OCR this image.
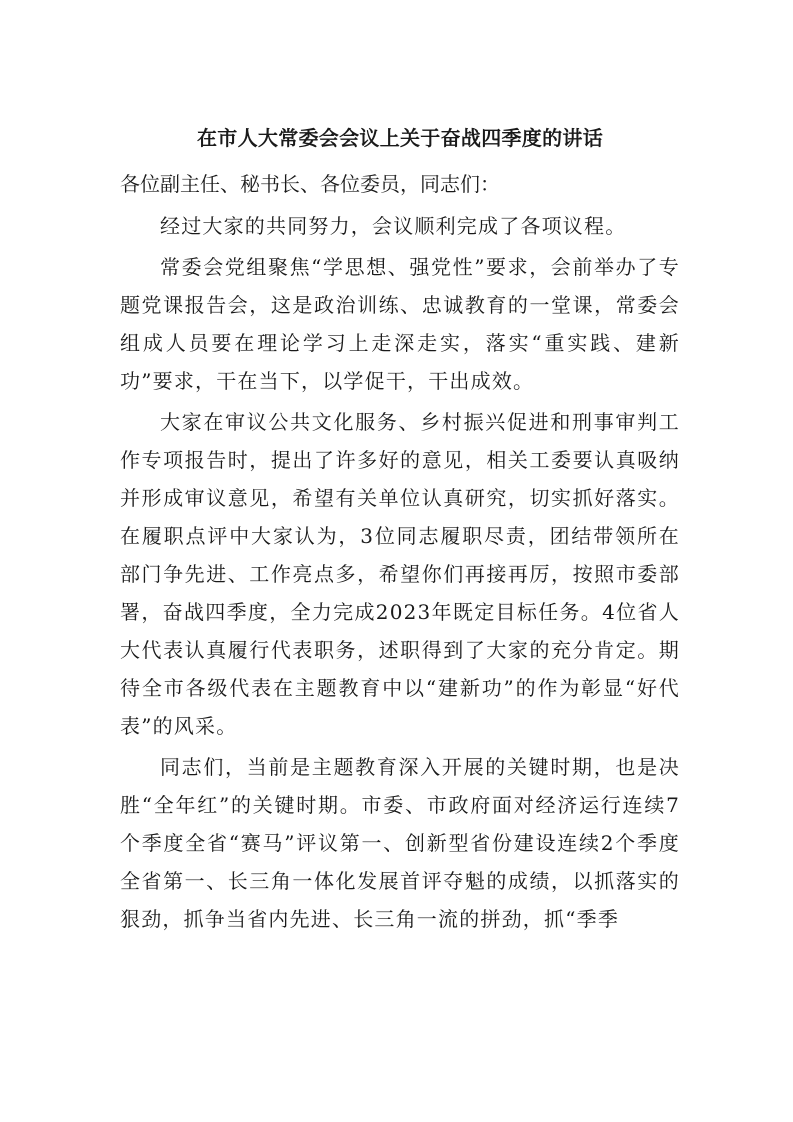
在市人大常委会会议上关于奋战四季度的讲话

各位副主任、秘书长、各位委员，同志们：

经过大家的共同努力，会议顺利完成了各项议程。

常委会党组聚焦“学思想、强党性”要求，会前举办了专题党课报告会，这是政治训练、忠诚教育的一堂课，常委会组成人员要在理论学习上走深走实，落实“重实践、建新功”要求，干在当下，以学促干，干出成效。

大家在审议公共文化服务、乡村振兴促进和刑事审判工作专项报告时，提出了许多好的意见，相关工委要认真吸纳并形成审议意见，希望有关单位认真研究，切实抓好落实。在履职点评中大家认为，3位同志履职尽责，团结带领所在部门争先进、工作亮点多，希望你们再接再厉，按照市委部署，奋战四季度，全力完成2023年既定目标任务。4位省人大代表认真履行代表职务，述职得到了大家的充分肯定。期待全市各级代表在主题教育中以“建新功”的作为彰显“好代表”的风采。

同志们，当前是主题教育深入开展的关键时期，也是决胜“全年红”的关键时期。市委、市政府面对经济运行连续7个季度全省“赛马”评议第一、创新型省份建设连续2个季度全省第一、长三角一体化发展首评夺魁的成绩，以抓落实的狠劲，抓争当省内先进、长三角一流的拼劲，抓“季季
